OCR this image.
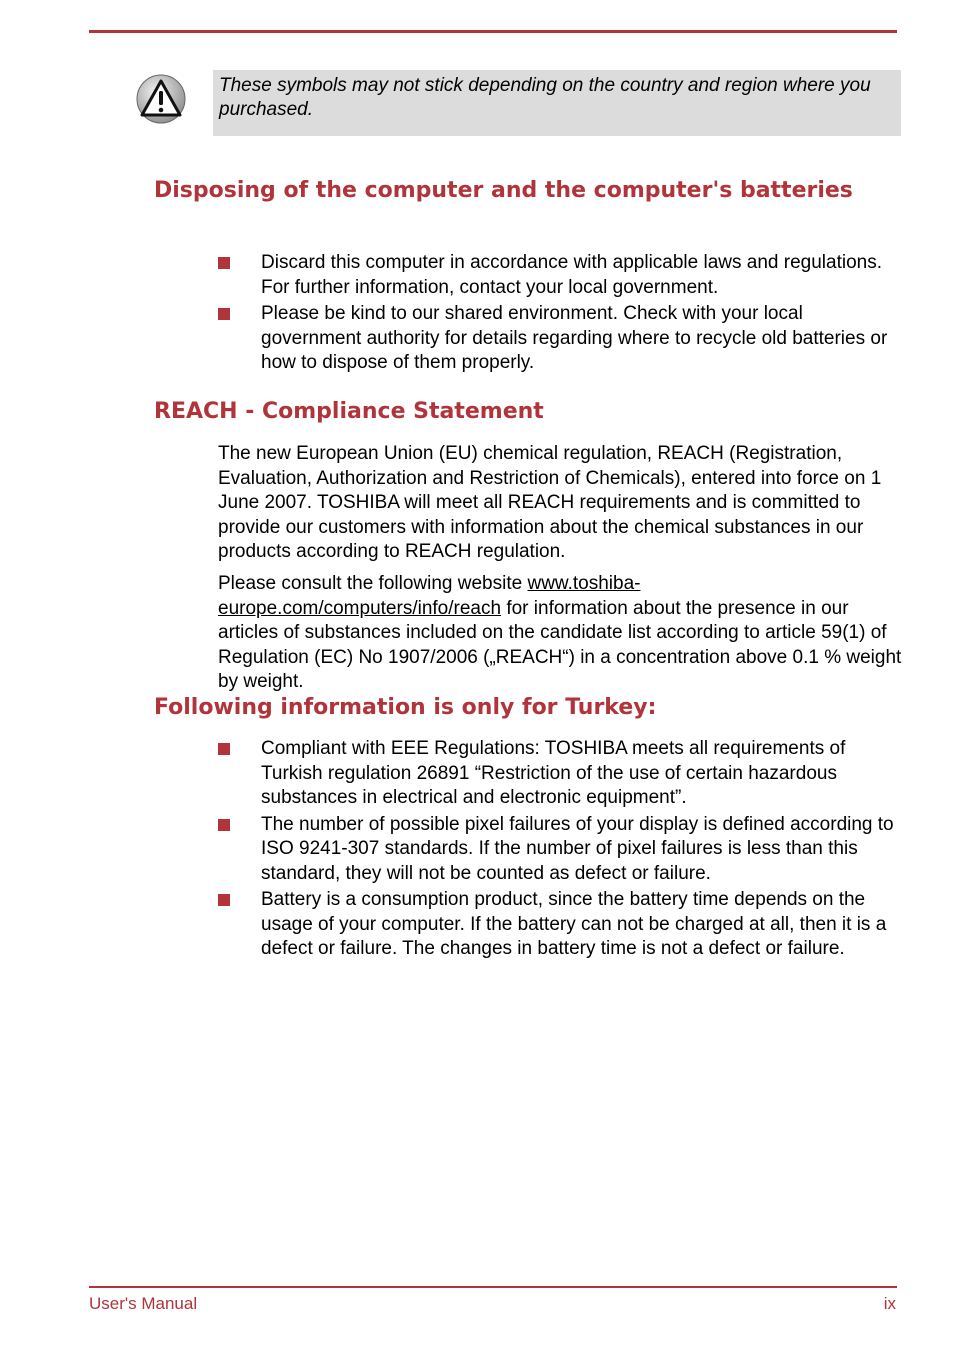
These symbols may not stick depending on the country and region where you purchased.
Disposing of the computer and the computer's batteries
Discard this computer in accordance with applicable laws and regulations. For further information, contact your local government.
Please be kind to our shared environment. Check with your local government authority for details regarding where to recycle old batteries or how to dispose of them properly.
REACH - Compliance Statement

The new European Union (EU) chemical regulation, REACH (Registration, Evaluation, Authorization and Restriction of Chemicals), entered into force on 1 June 2007. TOSHIBA will meet all REACH requirements and is committed to provide our customers with information about the chemical substances in our products according to REACH regulation.

Please consult the following website www.toshiba-europe.com/computers/info/reach for information about the presence in our articles of substances included on the candidate list according to article 59(1) of Regulation (EC) No 1907/2006 („REACH“) in a concentration above 0.1 % weight by weight.

Following information is only for Turkey:
Compliant with EEE Regulations: TOSHIBA meets all requirements of Turkish regulation 26891 “Restriction of the use of certain hazardous substances in electrical and electronic equipment”.
The number of possible pixel failures of your display is defined according to ISO 9241-307 standards. If the number of pixel failures is less than this standard, they will not be counted as defect or failure.
Battery is a consumption product, since the battery time depends on the usage of your computer. If the battery can not be charged at all, then it is a defect or failure. The changes in battery time is not a defect or failure.
User's Manual	ix
